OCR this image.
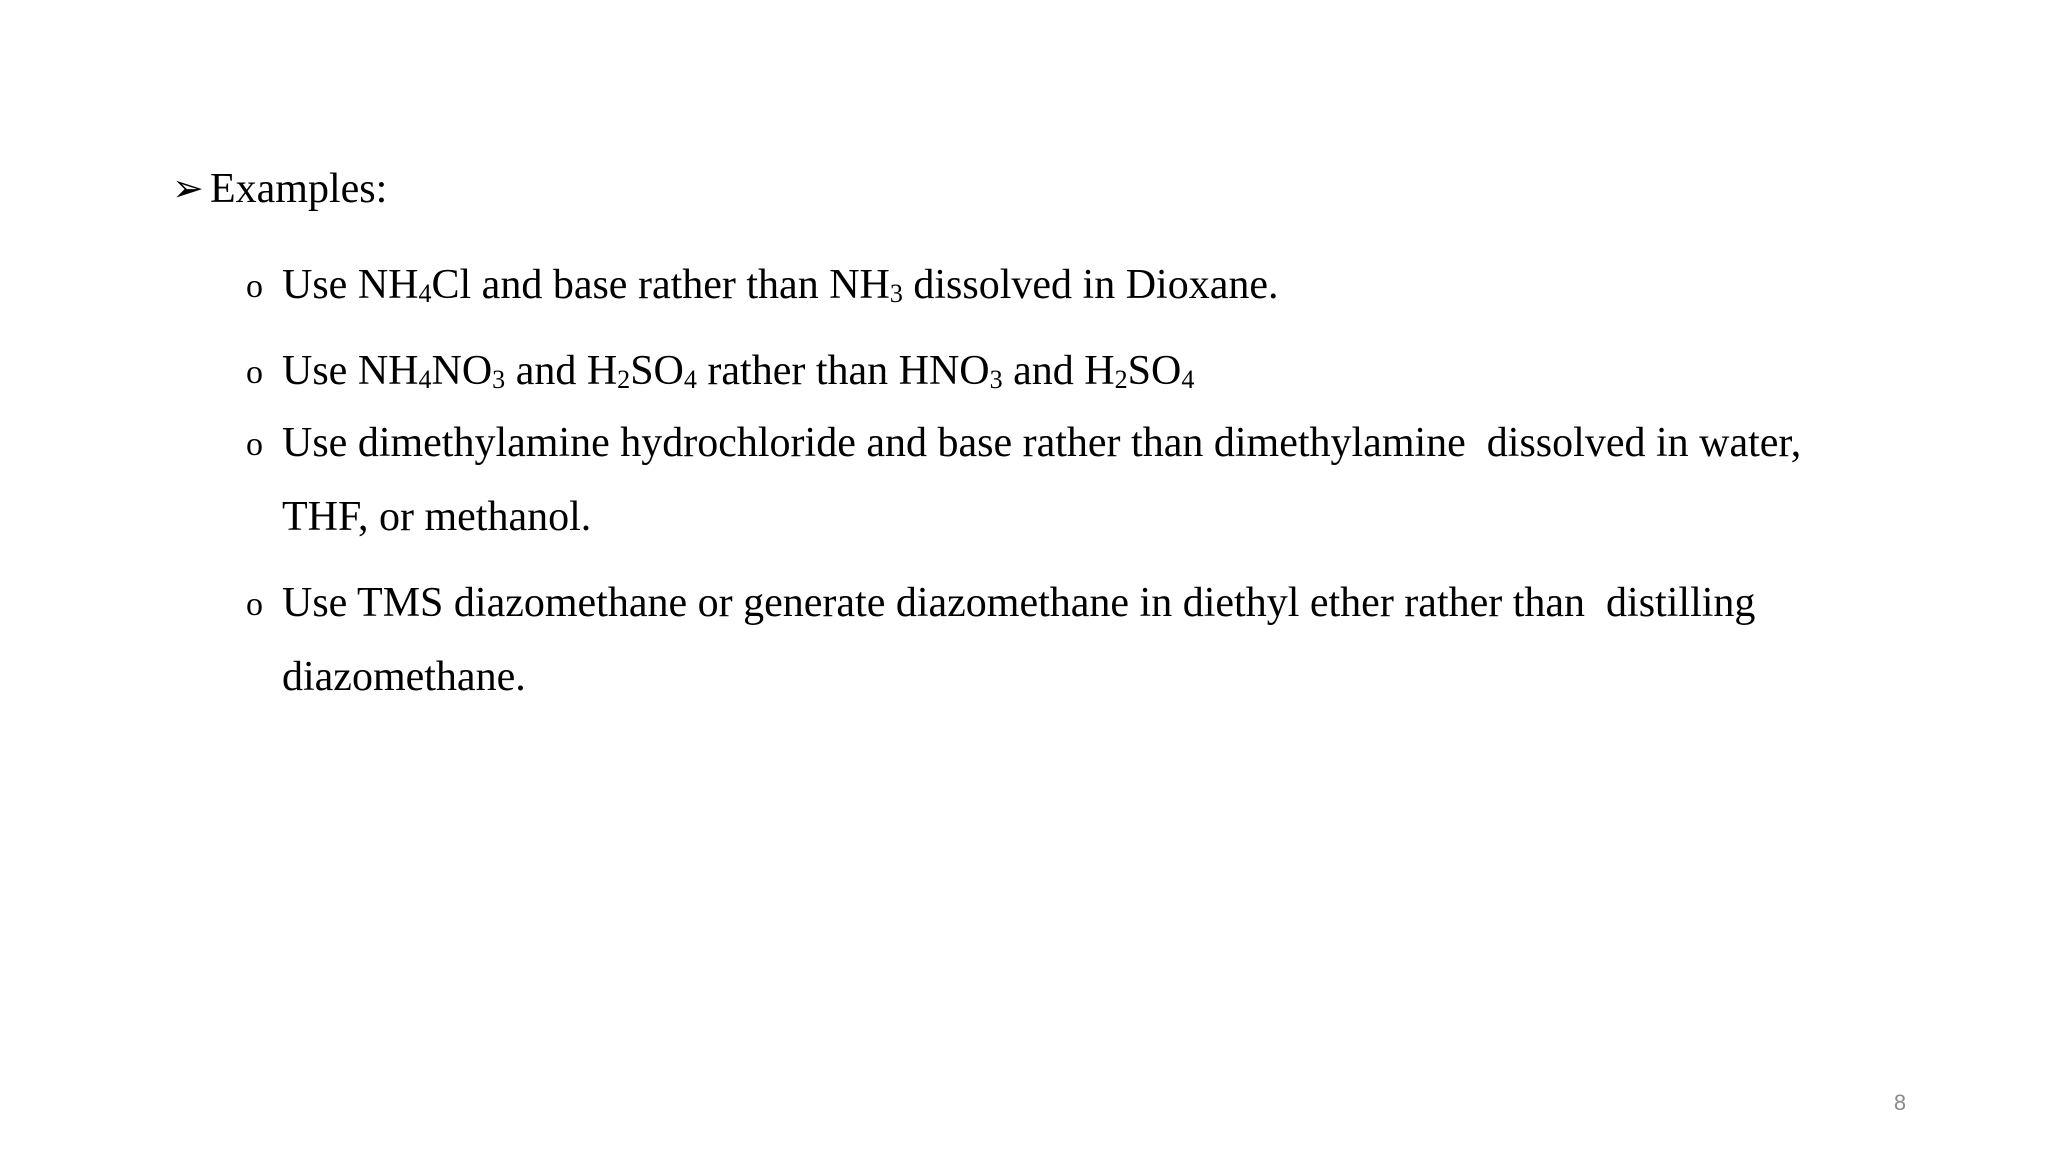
➢ Examples:
o Use $NH_4Cl$ and base rather than $NH_3$ dissolved in Dioxane.
o Use $NH_4NO_3$ and $H_2SO_4$ rather than $HNO_3$ and $H_2SO_4$
o Use dimethylamine hydrochloride and base rather than dimethylamine  dissolved in water, THF, or methanol.
o Use TMS diazomethane or generate diazomethane in diethyl ether rather than  distilling diazomethane.
8
